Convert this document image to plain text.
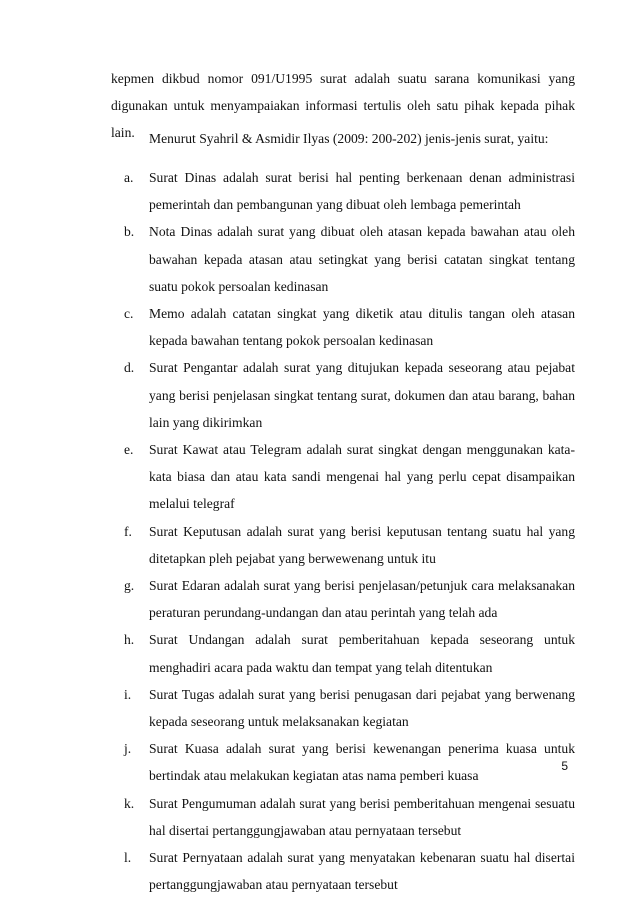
kepmen dikbud nomor 091/U1995 surat adalah suatu sarana komunikasi yang digunakan untuk menyampaiakan informasi tertulis oleh satu pihak kepada pihak lain.	Menurut Syahril & Asmidir Ilyas (2009: 200-202) jenis-jenis surat, yaitu:

a.	Surat Dinas adalah surat berisi hal penting berkenaan denan administrasi pemerintah dan pembangunan yang dibuat oleh lembaga pemerintah
b.	Nota Dinas adalah surat yang dibuat oleh atasan kepada bawahan atau oleh bawahan kepada atasan atau setingkat yang berisi catatan singkat tentang suatu pokok persoalan kedinasan
c.	Memo adalah catatan singkat yang diketik atau ditulis tangan oleh atasan kepada bawahan tentang pokok persoalan kedinasan
d.	Surat Pengantar adalah surat yang ditujukan kepada seseorang atau pejabat yang berisi penjelasan singkat tentang surat, dokumen dan atau barang, bahan lain yang dikirimkan
e.	Surat Kawat atau Telegram adalah surat singkat dengan menggunakan kata-kata biasa dan atau kata sandi mengenai hal yang perlu cepat disampaikan melalui telegraf
f.	Surat Keputusan adalah surat yang berisi keputusan tentang suatu hal yang ditetapkan pleh pejabat yang berwewenang untuk itu
g.	Surat Edaran adalah surat yang berisi penjelasan/petunjuk cara melaksanakan peraturan perundang-undangan dan atau perintah yang telah ada
h.	Surat Undangan adalah surat pemberitahuan kepada seseorang untuk menghadiri acara pada waktu dan tempat yang telah ditentukan
i.	Surat Tugas adalah surat yang berisi penugasan dari pejabat yang berwenang kepada seseorang untuk melaksanakan kegiatan
j.	Surat Kuasa adalah surat yang berisi kewenangan penerima kuasa untuk bertindak atau melakukan kegiatan atas nama pemberi kuasa
k.	Surat Pengumuman adalah surat yang berisi pemberitahuan mengenai sesuatu hal disertai pertanggungjawaban atau pernyataan tersebut
l.	Surat Pernyataan adalah surat yang menyatakan kebenaran suatu hal disertai pertanggungjawaban atau pernyataan tersebut
5
